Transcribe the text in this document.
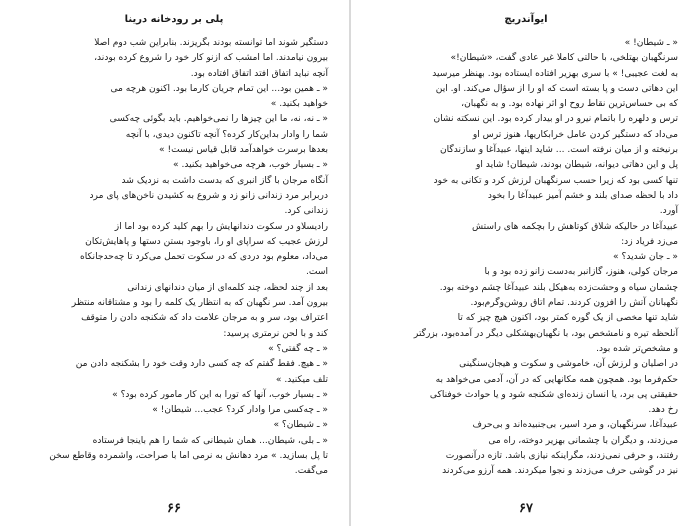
پلی بر رودخانه درینا
دستگیر شوند اما توانسته بودند بگریزند. بنابراین شب دوم اصلا
بیرون نیامدند. اما امشب که ازنو کار خود را شروع کرده بودند،
آنچه نباید اتفاق افتد اتفاق افتاده بود.
« ـ همین بود... این تمام جریان کارما بود. اکنون هرچه می‌
خواهید بکنید. »
« ـ نه، نه، ما این چیزها را نمی‌خواهیم. باید بگوئی چه‌کسی
شما را وادار بداین‌کار کرده؟ آنچه تاکنون دیدی، با آنچه
بعدها برسرت خواهد‌آمد قابل قیاس نیست! »
« ـ بسیار خوب، هرچه می‌خواهید بکنید. »
آنگاه مرجان با گاز انبری که بدست داشت به نزدیک شد
دربرابر مرد زندانی زانو زد و شروع به کشیدن ناخن‌های پای مرد
زندانی کرد.
رادیسلاو در سکوت دندانهایش را بهم کلید کرده بود اما از
لرزش عجیب که سراپای او را، با‌وجود بستن دستها و پاهایش‌تکان
می‌داد، معلوم بود دردی که در سکوت تحمل می‌کرد تا چه‌حد‌جانکاه
است.
بعد از چند لحظه، چند کلمه‌ای از میان دندانهای زندانی
بیرون آمد. سر نگهبان که به انتظار یک کلمه را بود و مشتاقانه منتظر
اعتراف بود، سر و به مرجان علامت داد که شکنجه دادن را متوقف
کند و با لحن نرمتری پرسید:
« ـ چه گفتی؟ »
« ـ هیچ. فقط گفتم که چه کسی دارد وقت خود را بشکنجه دادن من
تلف میکنید. »
« ـ بسیار خوب، آنها که تورا به این کار مامور کرده بود؟ »
« ـ چه‌کسی مرا وادار کرد؟ عجب... شیطان! »
« ـ شیطان؟ »
« ـ بلی، شیطان... همان شیطانی که شما را هم باینجا فرستاده
تا پل بسازید. » مرد دهانش به نرمی اما با صراحت، واشمرده وقاطع سخن
می‌گفت.
۶۶
ایوآندریچ
« ـ شیطان! »
سرنگهبان بهتلخی، با حالتی کاملا غیر عادی گفت، «شیطان!»
به لغت عجیبی! » با سری بهزیر افتاده ایستاده بود. بهنظر میرسید
این دهاتی دست و پا بسته است که او را از سؤال می‌کند. او. این
که بی حساس‌ترین نقاط روح او اثر نهاده بود. و به نگهبان،
ترس و دلهره را باتمام نیرو در او بیدار کرده بود. این نسکته نشان
می‌داد که دستگیر کردن عامل خرابکاریها، هنوز ترس او
برنیخته و از میان نرفته است. ... شاید اینها، عبید‌آغا و سازندگان
پل و این دهاتی دیوانه، شیطان بودند، شیطان! شاید او
تنها کسی بود که زیرا حسب سرنگهبان لرزش کرد و تکانی به خود
داد با لحظه صدای بلند و خشم آمیز عبیدآغا را بخود
آورد.
عبیدآغا در حالیکه شلاق کوتاهش را بچکمه های راستش
می‌زد فریاد زد:
« ـ جان شدید؟ »
مرجان کولی، هنوز، گازانبر به‌دست زانو زده بود و با
چشمان سیاه و وحشت‌زده به‌هیکل بلند عبیدآغا چشم دوخته بود.
نگهبانان آتش را افزون کردند. تمام اتاق روشن‌وگرم‌بود.
شاید تنها مخصی از یک گوره کمتر بود، اکنون هیچ چیز که تا
آنلحظه تیره و نامشخص بود، با نگهبان‌بهشکلی دیگر در آمده‌بود، بزرگتر
و مشخص‌تر شده بود.
در اصلیان و لرزش آن، خاموشی و سکوت و هیجان‌سنگینی
حکم‌فرما بود. همچون همه مکانهایی که در آن، آدمی می‌خواهد به
حقیقتی پی برد، یا انسان زنده‌ای شکنجه شود و یا حوادث خوفناکی
رخ دهد.
عبیدآغا، سرنگهبان، و مرد اسیر، بی‌جنبیده‌اند و بی‌حرف
می‌زدند، و دیگران با چشمانی بهزیر دوخته، راه می‌
رفتند، و حرفی نمی‌زدند، مگراینکه نیازی باشد. تازه درآنصورت
نیز در گوشی حرف می‌زدند و نجوا میکردند. همه آرزو می‌کردند
۶۷
